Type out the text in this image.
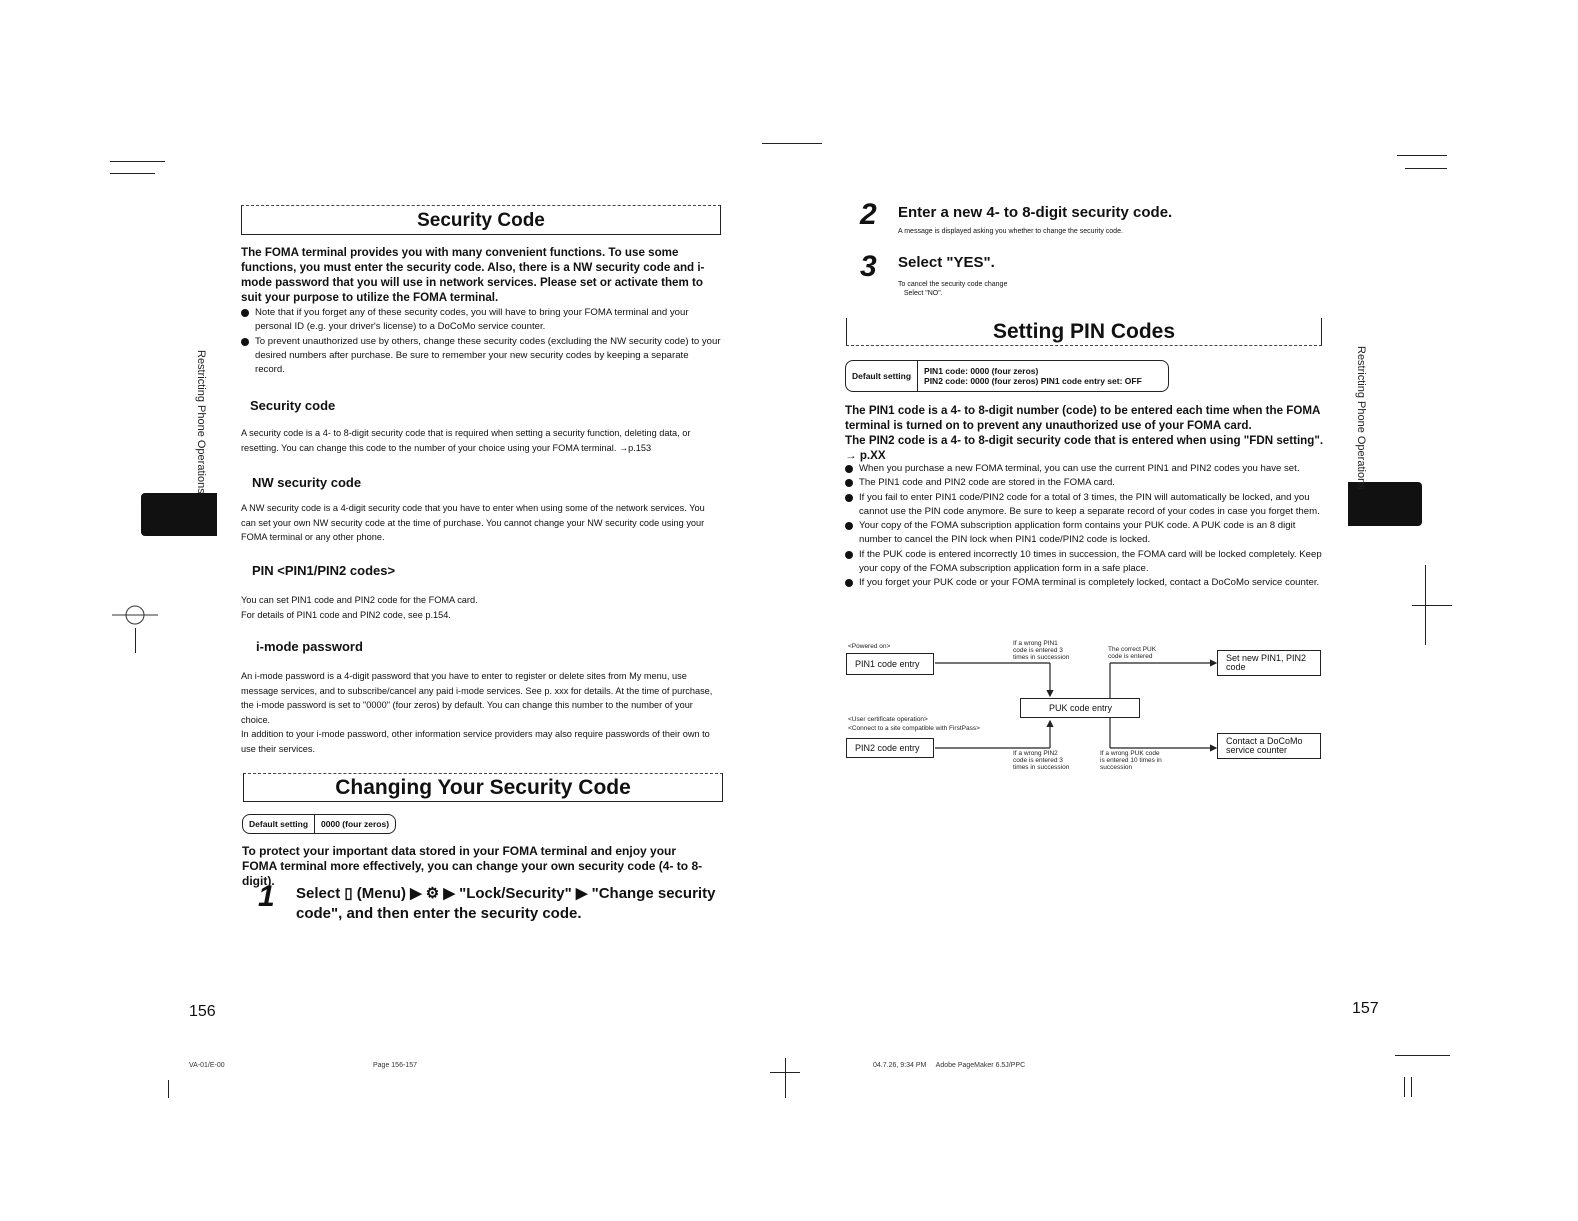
Restricting Phone Operations
Security Code
The FOMA terminal provides you with many convenient functions. To use some functions, you must enter the security code. Also, there is a NW security code and i-mode password that you will use in network services. Please set or activate them to suit your purpose to utilize the FOMA terminal.
Note that if you forget any of these security codes, you will have to bring your FOMA terminal and your personal ID (e.g. your driver's license) to a DoCoMo service counter.
To prevent unauthorized use by others, change these security codes (excluding the NW security code) to your desired numbers after purchase. Be sure to remember your new security codes by keeping a separate record.
Security code
A security code is a 4- to 8-digit security code that is required when setting a security function, deleting data, or resetting. You can change this code to the number of your choice using your FOMA terminal. →p.153
NW security code
A NW security code is a 4-digit security code that you have to enter when using some of the network services. You can set your own NW security code at the time of purchase. You cannot change your NW security code using your FOMA terminal or any other phone.
PIN <PIN1/PIN2 codes>
You can set PIN1 code and PIN2 code for the FOMA card.
For details of PIN1 code and PIN2 code, see p.154.
i-mode password
An i-mode password is a 4-digit password that you have to enter to register or delete sites from My menu, use message services, and to subscribe/cancel any paid i-mode services. See p. xxx for details. At the time of purchase, the i-mode password is set to "0000" (four zeros) by default. You can change this number to the number of your choice.
In addition to your i-mode password, other information service providers may also require passwords of their own to use their services.
Changing Your Security Code
Default setting	0000 (four zeros)
To protect your important data stored in your FOMA terminal and enjoy your FOMA terminal more effectively, you can change your own security code (4- to 8-digit).
1 Select ▯ (Menu) ▶ ⚙ ▶ "Lock/Security" ▶ "Change security code", and then enter the security code.
156
VA-01/E-00	Page 156-157
Restricting Phone Operations
2 Enter a new 4- to 8-digit security code.
A message is displayed asking you whether to change the security code.
3 Select "YES".
To cancel the security code change
Select "NO".
Setting PIN Codes
Default setting	PIN1 code: 0000 (four zeros)
PIN2 code: 0000 (four zeros) PIN1 code entry set: OFF
The PIN1 code is a 4- to 8-digit number (code) to be entered each time when the FOMA terminal is turned on to prevent any unauthorized use of your FOMA card.
The PIN2 code is a 4- to 8-digit security code that is entered when using "FDN setting". → p.XX
When you purchase a new FOMA terminal, you can use the current PIN1 and PIN2 codes you have set.
The PIN1 code and PIN2 code are stored in the FOMA card.
If you fail to enter PIN1 code/PIN2 code for a total of 3 times, the PIN will automatically be locked, and you cannot use the PIN code anymore. Be sure to keep a separate record of your codes in case you forget them.
Your copy of the FOMA subscription application form contains your PUK code. A PUK code is an 8 digit number to cancel the PIN lock when PIN1 code/PIN2 code is locked.
If the PUK code is entered incorrectly 10 times in succession, the FOMA card will be locked completely. Keep your copy of the FOMA subscription application form in a safe place.
If you forget your PUK code or your FOMA terminal is completely locked, contact a DoCoMo service counter.
<Powered on>
PIN1 code entry
<User certificate operation>
<Connect to a site compatible with FirstPass>
PIN2 code entry
PUK code entry
Set new PIN1, PIN2 code
Contact a DoCoMo service counter
If a wrong PIN1 code is entered 3 times in succession
The correct PUK code is entered
If a wrong PIN2 code is entered 3 times in succession
If a wrong PUK code is entered 10 times in succession
157
04.7.26, 9:34 PM     Adobe PageMaker 6.5J/PPC
